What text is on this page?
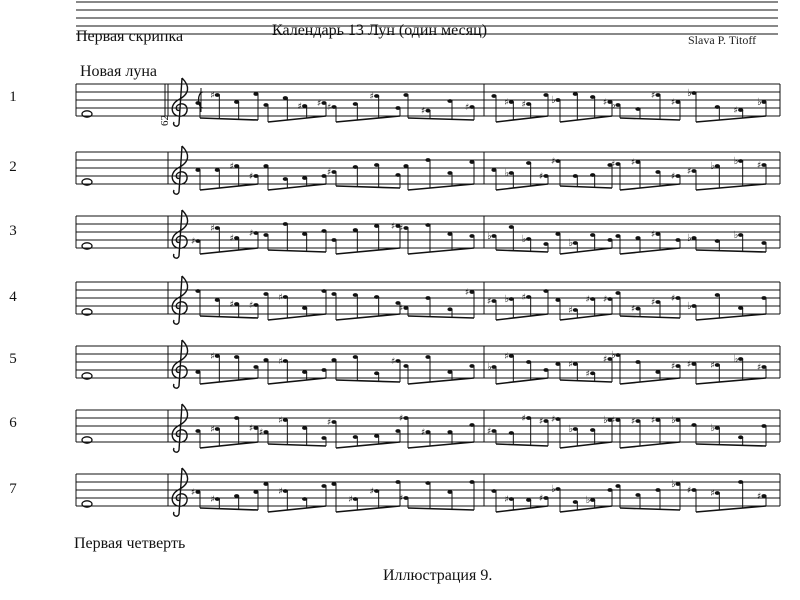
♯
♯ ♯ ♯
♯
♯	♯	♯ ♯ ♭	♯ ♭
♯
♯
♭
♯
♭
♯
♯	♯	♭	♯
♯	♯ ♯
♯ ♯ ♭ ♭ ♯
♯
♯
♯ ♯
♯ ♯
♭	♭	♭
♯	♭	♭
♯ ♯
♯
♯
♯
♯ ♭ ♯
♯
♯ ♯
♯
♯ ♯
♭
♯	♯	♯	♭
♯
♯
♯
♯ ♭
♯ ♯ ♯
♭
♯
♯	♯ ♯
♯	♯	♯
♯	♯
♯ ♯ ♯
♭
♭ ♯ ♯ ♯ ♭
♭
♯
♯
♯
♯
♯
♯	♯	♯
♭
♭
♭
♯ ♯	♯
Первая скрипка	Календарь 13 Лун (один месяц)
Slava P. Titoff
Новая луна
62
Первая четверть
Иллюстрация 9.
1
2
3
4
5
6
7
